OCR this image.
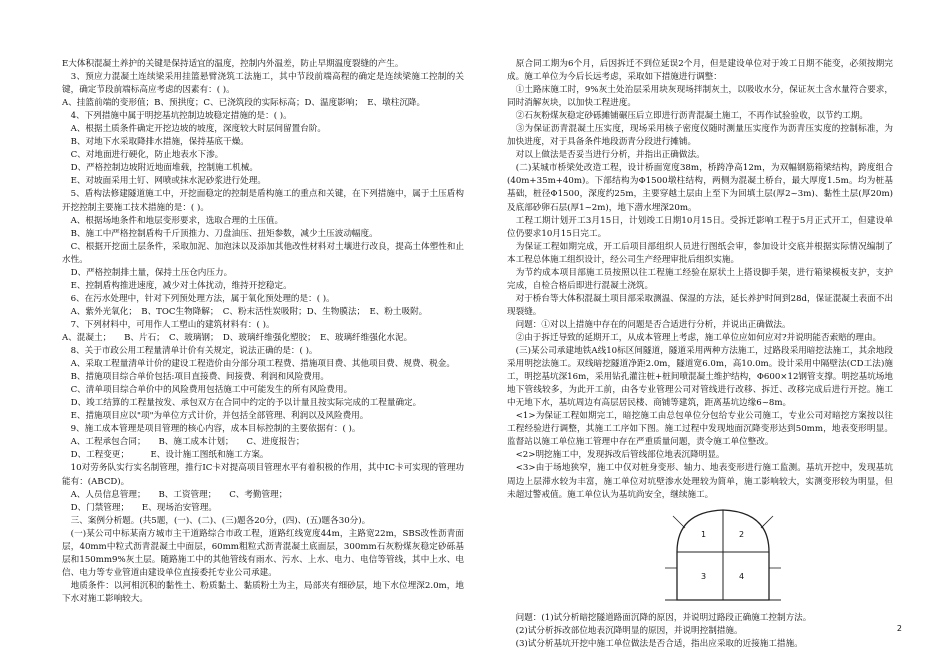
E大体积混凝土养护的关键是保持适宜的温度，控制内外温差，防止早期温度裂缝的产生。

　3、预应力混凝土连续梁采用挂篮悬臂浇筑工法施工，其中节段前端高程的确定是连续梁施工控制的关键，确定节段前端标高应考虑的因素有：( )。

A、挂篮前端的变形值；B、预拱度；C、已浇筑段的实际标高；D、温度影响；　E、墩柱沉降。

　4、下列措施中属于明挖基坑控制边坡稳定措施的是：( )。

　A、根据土质条件确定开挖边坡的坡度，深度较大时层间留置台阶。

　B、对地下水采取降排水措施，保持基底干燥。

　C、对地面进行硬化，防止地表水下渗。

　D、严格控制边坡附近地面堆载，控制施工机械。

　E、对坡面采用土钉、网喷或抹水泥砂浆进行处理。

　5、盾构法修建隧道施工中，开挖面稳定的控制是盾构施工的重点和关键，在下列措施中，属于土压盾构开挖控制主要施工技术措施的是：( )。

　A、根据场地条件和地层变形要求，选取合理的土压值。

　B、施工中严格控制盾构千斤顶推力、刀盘油压、扭矩参数，减少土压波动幅度。

　C、根据开挖面土层条件，采取加泥、加泡沫以及添加其他改性材料对土壤进行改良，提高土体塑性和止水性。

　D、严格控制排土量，保持土压仓内压力。

　E、控制盾构推进速度，减少对土体扰动，维持开挖稳定。

　6、在污水处理中，针对下列预处理方法，属于氧化预处理的是：( )。

　A、紫外光氧化；　B、TOC生物降解；　C、粉末活性炭吸附；D、生物膜法；　E、粉土吸附。

　7、下列材料中，可用作人工塑山的建筑材料有：( )。

A、混凝土；　　B、片石；　C、玻璃钢；　D、玻璃纤维强化塑胶；　E、玻璃纤维强化水泥。

　8、关于市政公用工程量清单计价有关规定，说法正确的是：( )。

　A、采取工程量清单计价的建设工程造价由分部分项工程费、措施项目费、其他项目费、规费、税金。

　B、措施项目综合单价包括:项目直接费、间接费、利润和风险费用。

　C、清单项目综合单价中的风险费用包括施工中可能发生的所有风险费用。

　D、竣工结算的工程量按发、承包双方在合同中约定的予以计量且按实际完成的工程量确定。

　E、措施项目应以"项"为单位方式计价，并包括全部管理、利润以及风险费用。

　9、施工成本管理是项目管理的核心内容，成本目标控制的主要依据有：( )。

　A、工程承包合同；　　B、施工成本计划；　　C、进度报告；

　D、工程变更；　　　E、设计施工图纸和施工方案。

　10对劳务队实行实名制管理，推行IC卡对提高项目管理水平有着积极的作用，其中IC卡可实现的管理功能有：(ABCD)。

　A、人员信息管理；　　B、工资管理；　　C、考勤管理；

　D、门禁管理；　　E、现场治安管理。

　三、案例分析题。(共5题，(一)、(二)、(三)题各20分，(四)、(五)题各30分)。

　(一)某公司中标某南方城市主干道路综合市政工程，道路红线宽度44m，主路宽22m，SBS改性沥青面层，40mm中粒式沥青混凝土中面层，60mm粗粒式沥青混凝土底面层，300mm石灰粉煤灰稳定砂砾基层和150mm9%灰土层。随路施工中的其他管线有雨水、污水、上水、电力、电信等管线，其中上水、电信、电力等专业管道由建设单位直接委托专业公司承建。

　地质条件：以河相沉积的黏性土、粉质黏土、黏质粉土为主，局部夹有细砂层，地下水位埋深2.0m，地下水对施工影响较大。

　原合同工期为6个月，后因拆迁不到位延误2个月，但是建设单位对于竣工日期不能变，必须按期完成。施工单位为今后长远考虑，采取如下措施进行调整：

　①土路床施工时，9%灰土处治层采用块灰现场拌制灰土，以吸收水分，保证灰土含水量符合要求，同时消解灰块，以加快工程进度。

　②石灰粉煤灰稳定砂砾摊铺碾压后立即进行沥青混凝土施工，不再作试验验收，以节约工期。

　③为保证沥青混凝土压实度，现场采用核子密度仪随时测量压实度作为沥青压实度的控制标准，为加快进度，对于具备条件地段沥青分段进行摊铺。

　对以上做法是否妥当进行分析，并指出正确做法。

　(二)某城市桥梁处改造工程，设计桥面宽度38m，桥跨净高12m，为双幅钢筋箱梁结构，跨度组合(40m+35m+40m)。下部结构为Φ1500墩柱结构，两侧为混凝土桥台，最大厚度1.5m。均为桩基基础，桩径Φ1500，深度约25m，主要穿越土层由上至下为回填土层(厚2~3m)、黏性土层(厚20m)及底部砂卵石层(厚1~2m)，地下潜水埋深20m。

　工程工期计划开工3月15日，计划竣工日期10月15日。受拆迁影响工程于5月正式开工，但建设单位仍要求10月15日完工。

　为保证工程如期完成，开工后项目部组织人员进行图纸会审，参加设计交底并根据实际情况编制了本工程总体施工组织设计，经公司生产经理审批后组织实施。

　为节约成本项目部施工员按照以往工程施工经验在原状土上搭设脚手架，进行箱梁模板支护，支护完成，自检合格后即进行混凝土浇筑。

　对于桥台等大体积混凝土项目部采取测温、保湿的方法，延长养护时间到28d，保证混凝土表面不出现裂缝。

　问题：①对以上措施中存在的问题是否合适进行分析，并说出正确做法。

　②由于拆迁导致的延期开工，从成本管理上考虑，施工单位应如何应对?并说明能否索赔的理由。

　(三)某公司承建地铁A线10标区间隧道，隧道采用两种方法施工，过路段采用暗挖法施工，其余地段采用明挖法施工。双线暗挖隧道净距2.0m，隧道宽6.0m，高10.0m。设计采用中隔壁法(CD工法)施工，明挖基坑深16m，采用钻孔灌注桩+桩间喷混凝土维护结构，Φ600×12钢管支撑。明挖基坑场地地下管线较多，为此开工前，由各专业管理公司对管线进行改移、拆迁、改移完成后进行开挖。施工中无地下水，基坑周边有高层居民楼、商铺等建筑，距离基坑边缘6~8m。

　<1>为保证工程如期完工，暗挖施工由总包单位分包给专业公司施工，专业公司对暗挖方案按以往工程经验进行调整，其施工工序如下图。施工过程中发现地面沉降变形达到50mm，地表变形明显。监督站以施工单位施工管理中存在严重质量问题，责令施工单位整改。

　<2>明挖施工中，发现拆改后管线部位地表沉降明显。

　<3>由于场地狭窄，施工中仅对桩身变形、轴力、地表变形进行施工监测。基坑开挖中，发现基坑周边上层滞水较为丰富，施工单位对坑壁渗水处理较为简单，施工影响较大，实测变形较为明显，但未超过警戒值。施工单位认为基坑尚安全，继续施工。

1	2
3	4

　问题：(1)试分析暗挖隧道路面沉降的原因，并说明过路段正确施工控制方法。

　(2)试分析拆改部位地表沉降明显的原因，并说明控制措施。

　(3)试分析基坑开挖中施工单位做法是否合适，指出应采取的近接施工措施。

2
